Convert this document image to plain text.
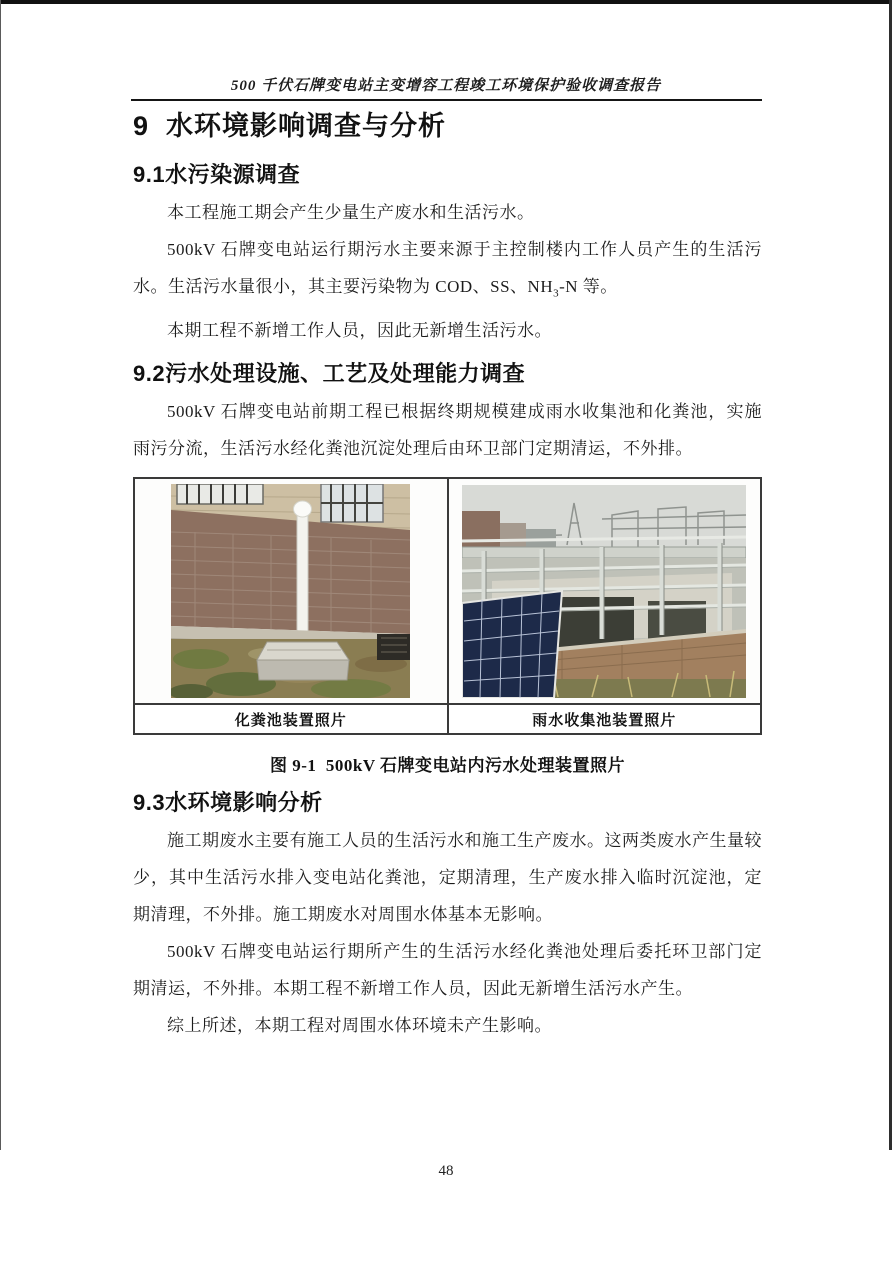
500 千伏石牌变电站主变增容工程竣工环境保护验收调查报告
9  水环境影响调查与分析
9.1水污染源调查

本工程施工期会产生少量生产废水和生活污水。

500kV 石牌变电站运行期污水主要来源于主控制楼内工作人员产生的生活污水。生活污水量很小，其主要污染物为 COD、SS、$NH_3-N$ 等。

本期工程不新增工作人员，因此无新增生活污水。

9.2污水处理设施、工艺及处理能力调查

500kV 石牌变电站前期工程已根据终期规模建成雨水收集池和化粪池，实施雨污分流，生活污水经化粪池沉淀处理后由环卫部门定期清运，不外排。

化粪池装置照片	雨水收集池装置照片
图 9-1  500kV 石牌变电站内污水处理装置照片
9.3水环境影响分析

施工期废水主要有施工人员的生活污水和施工生产废水。这两类废水产生量较少，其中生活污水排入变电站化粪池，定期清理，生产废水排入临时沉淀池，定期清理，不外排。施工期废水对周围水体基本无影响。

500kV 石牌变电站运行期所产生的生活污水经化粪池处理后委托环卫部门定期清运，不外排。本期工程不新增工作人员，因此无新增生活污水产生。

综上所述，本期工程对周围水体环境未产生影响。

48
